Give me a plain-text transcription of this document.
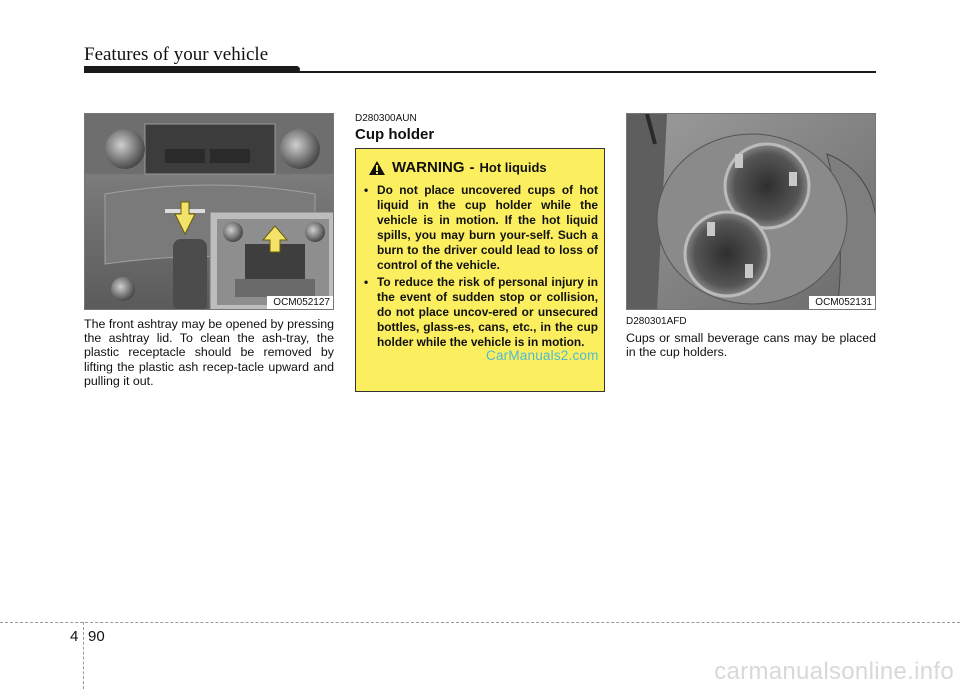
Features of your vehicle
OCM052127
The front ashtray may be opened by pressing the ashtray lid. To clean the ash-tray, the plastic receptacle should be removed by lifting the plastic ash recep-tacle upward and pulling it out.
D280300AUN
Cup holder
WARNING - Hot liquids
• Do not place uncovered cups of hot liquid in the cup holder while the vehicle is in motion. If the hot liquid spills, you may burn your-self. Such a burn to the driver could lead to loss of control of the vehicle.
• To reduce the risk of personal injury in the event of sudden stop or collision, do not place uncov-ered or unsecured bottles, glass-es, cans, etc., in the cup holder while the vehicle is in motion.
CarManuals2.com
OCM052131
D280301AFD
Cups or small beverage cans may be placed in the cup holders.
4 90
carmanualsonline.info
